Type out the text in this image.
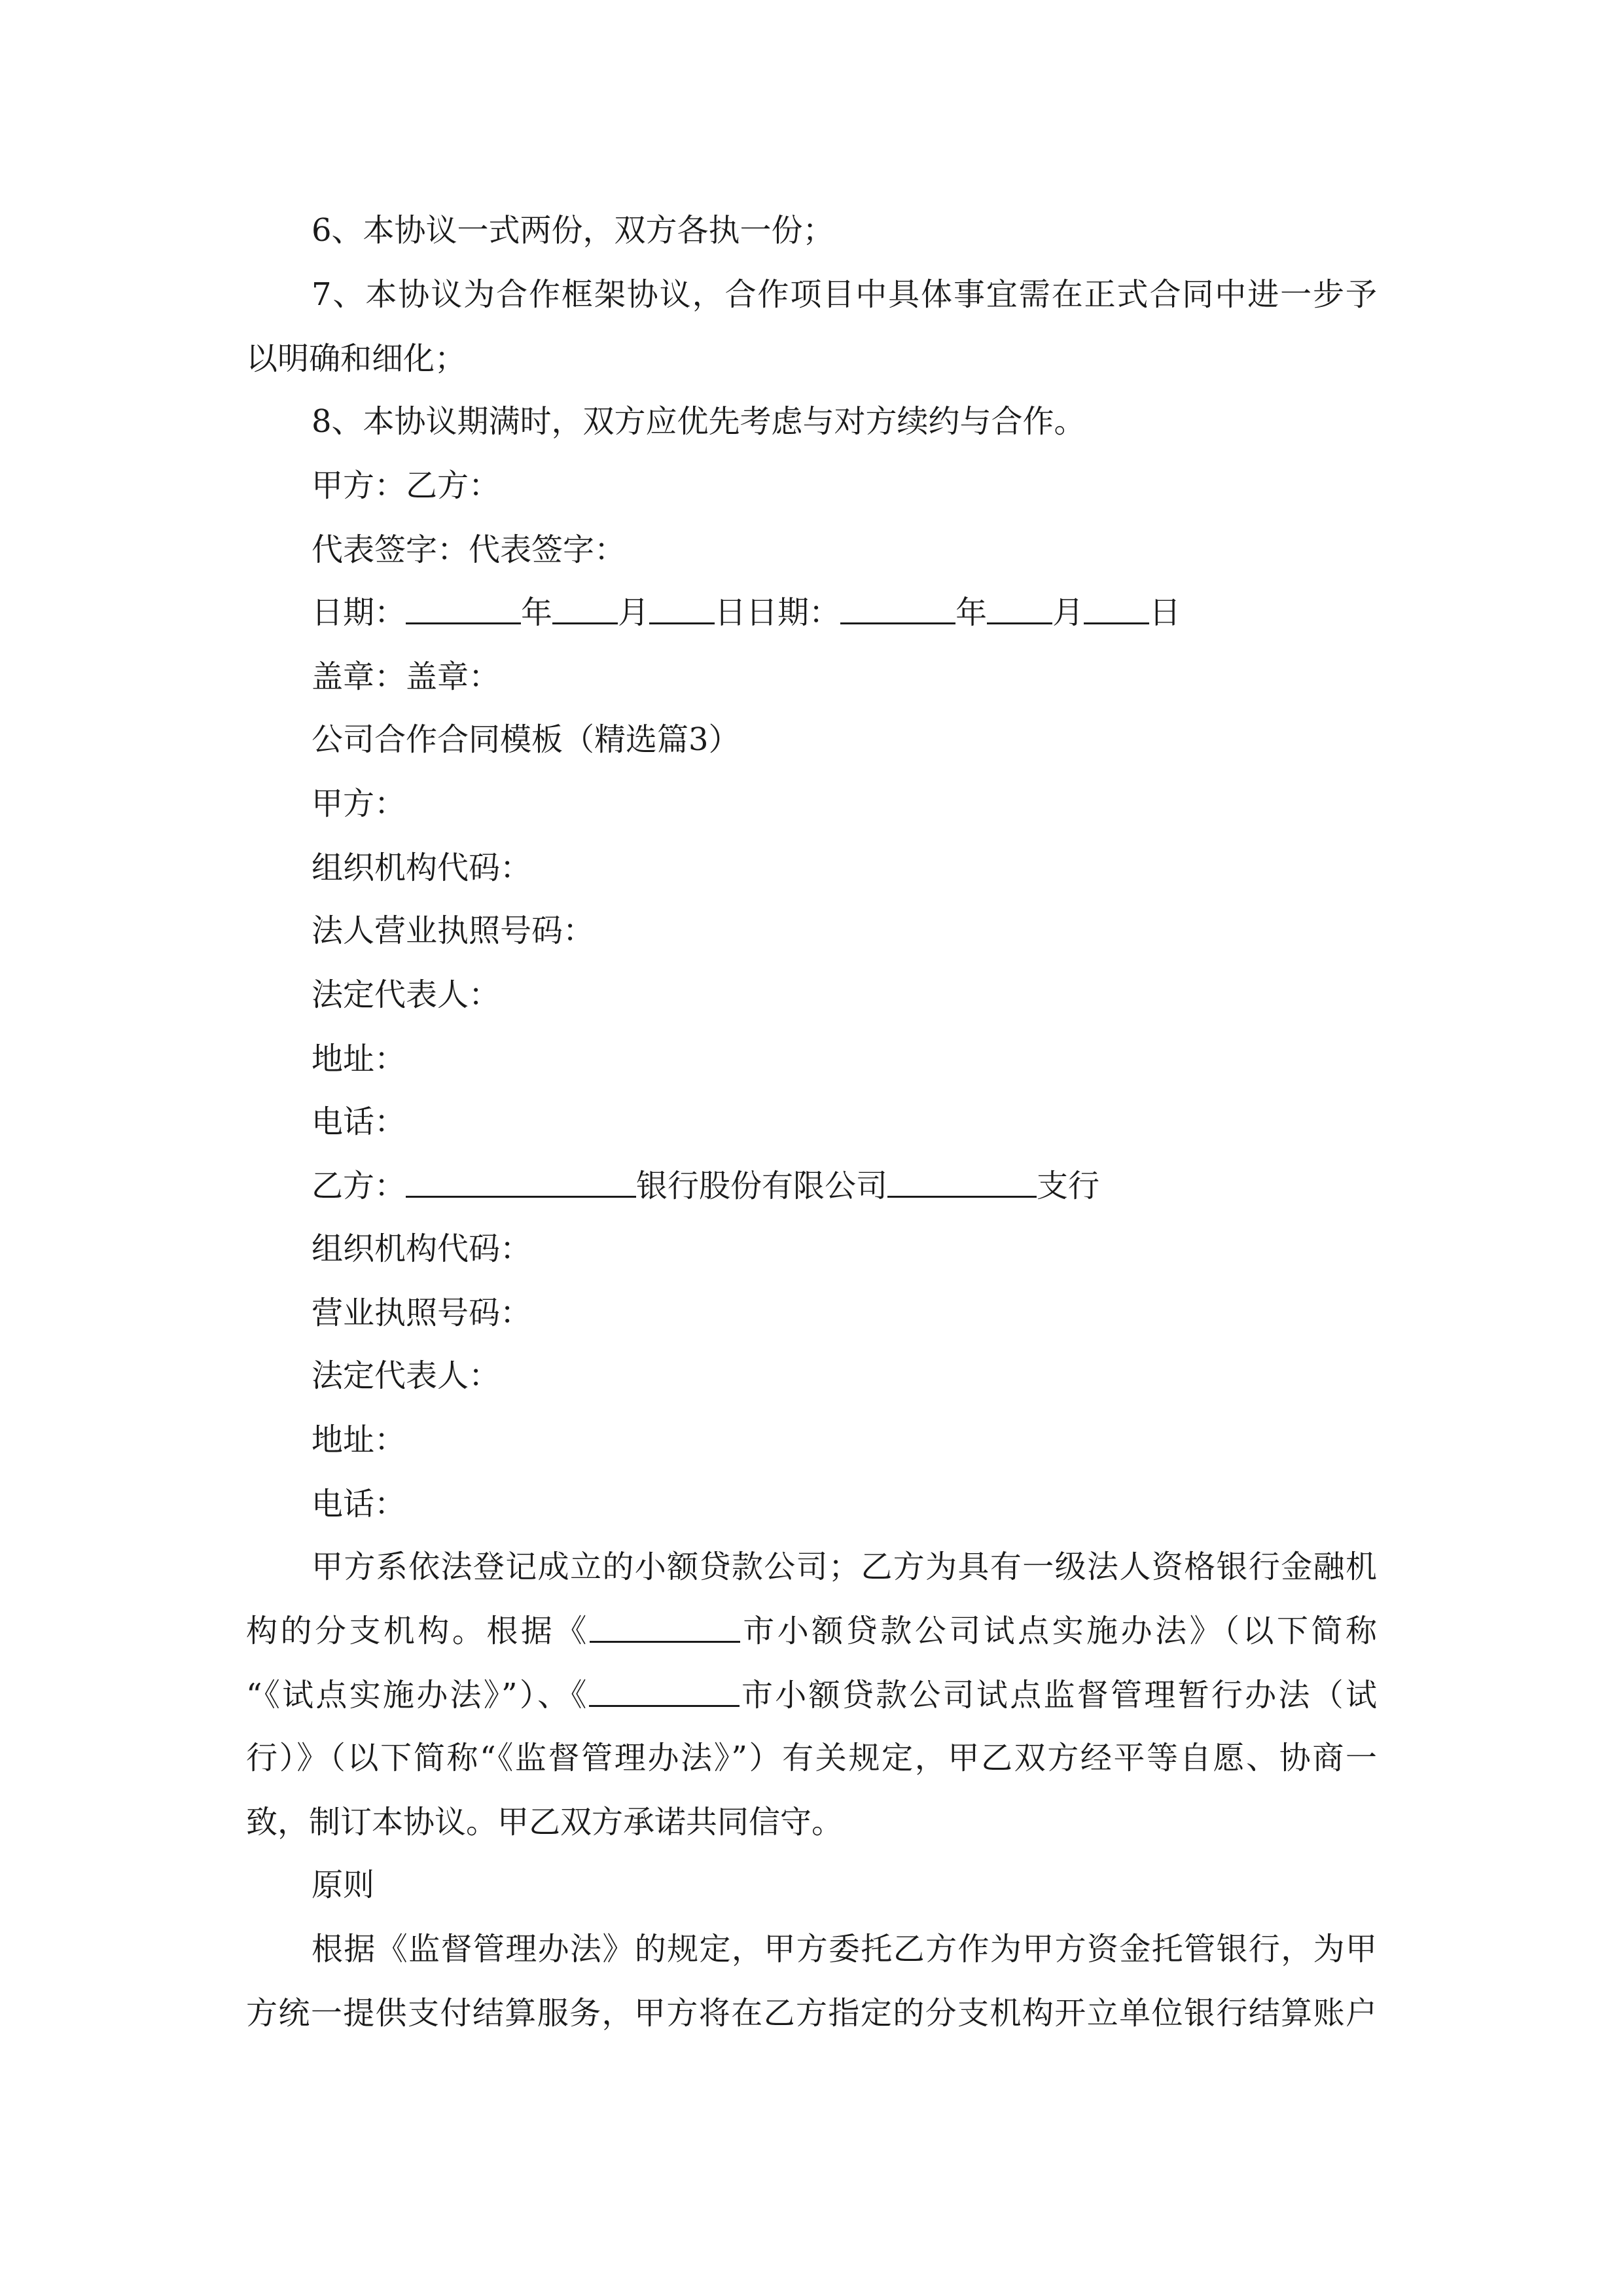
6、本协议一式两份，双方各执一份；
7、本协议为合作框架协议，合作项目中具体事宜需在正式合同中进一步予
以明确和细化；
8、本协议期满时，双方应优先考虑与对方续约与合作。
甲方：乙方：
代表签字：代表签字：
日期：	年 月 日日期：	年 月 日
盖章：盖章：
公司合作合同模板（精选篇3）
甲方：
组织机构代码：
法人营业执照号码：
法定代表人：
地址：
电话：
乙方：	银行股份有限公司	支行
组织机构代码：
营业执照号码：
法定代表人：
地址：
电话：
甲方系依法登记成立的小额贷款公司；乙方为具有一级法人资格银行金融机
构的分支机构。根据《	市小额贷款公司试点实施办法》（以下简称
“《试点实施办法》”）、《	市小额贷款公司试点监督管理暂行办法（试
行）》（以下简称“《监督管理办法》”）有关规定，甲乙双方经平等自愿、协商一
致，制订本协议。甲乙双方承诺共同信守。
原则
根据《监督管理办法》的规定，甲方委托乙方作为甲方资金托管银行，为甲
方统一提供支付结算服务，甲方将在乙方指定的分支机构开立单位银行结算账户
